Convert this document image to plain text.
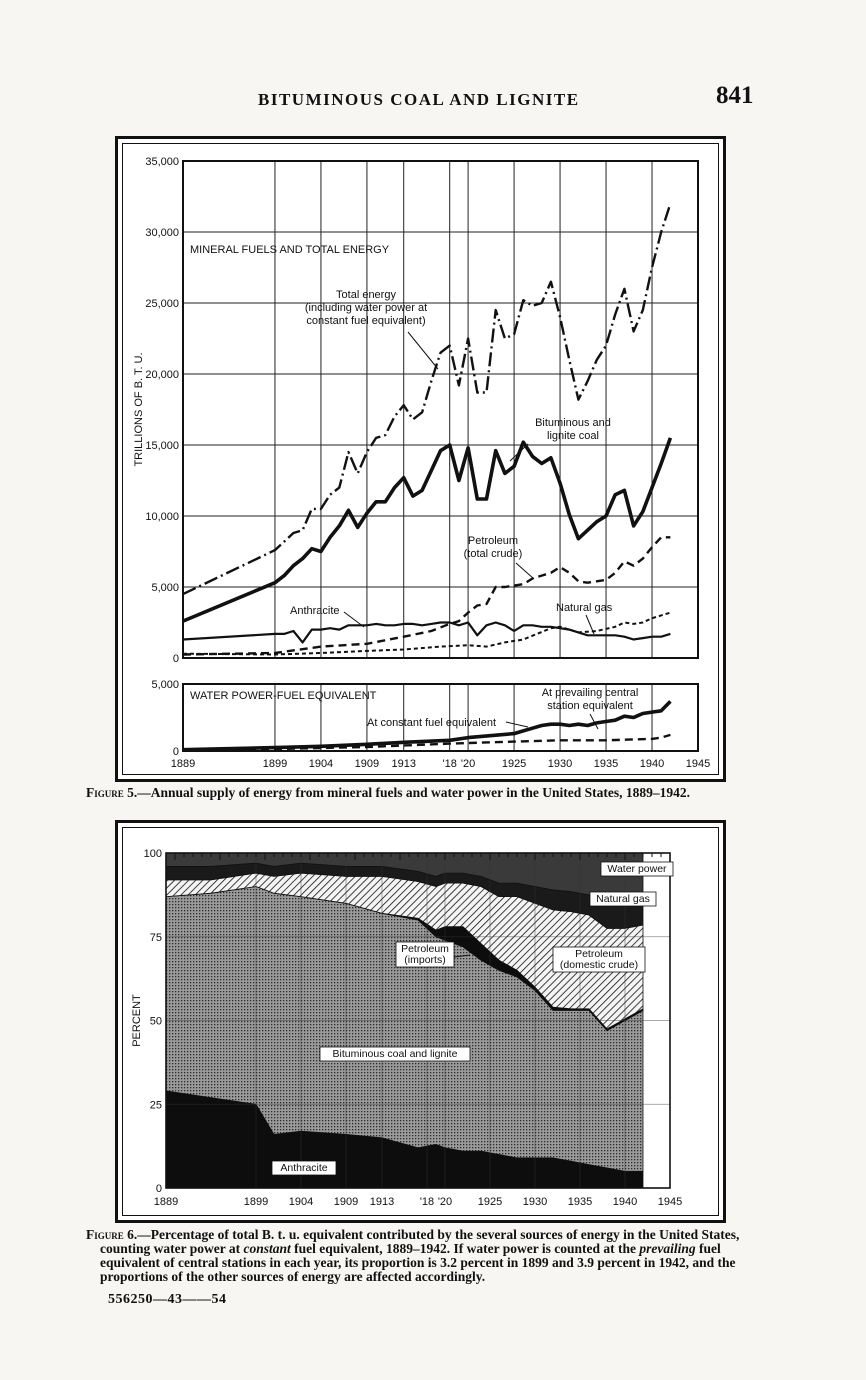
BITUMINOUS COAL AND LIGNITE	841
0
5,000
10,000
15,000
20,000
25,000
30,000
35,000
0
5,000
TRILLIONS OF B. T. U.
MINERAL FUELS AND TOTAL ENERGY
WATER POWER-FUEL EQUIVALENT
1889	1899 1904 1909 1913 '18 '20 1925 1930 1935 1940 1945
Total energy (including water power at constant fuel equivalent)
Bituminous and lignite coal
Petroleum (total crude)
Anthracite	Natural gas
At prevailing central station equivalent
At constant fuel equivalent
Figure 5.—Annual supply of energy from mineral fuels and water power in the United States, 1889–1942.
0
25
50
75
100
PERCENT
1889	1899 1904 1909 1913 '18 '20 1925 1930 1935 1940 1945
Anthracite
Bituminous coal and lignite
Petroleum (imports)	Petroleum (domestic crude)
Natural gas
Water power
Figure 6.—Percentage of total B. t. u. equivalent contributed by the several sources of energy in the United States, counting water power at constant fuel equivalent, 1889–1942. If water power is counted at the prevailing fuel equivalent of central stations in each year, its proportion is 3.2 percent in 1899 and 3.9 percent in 1942, and the proportions of the other sources of energy are affected accordingly.
556250—43——54
